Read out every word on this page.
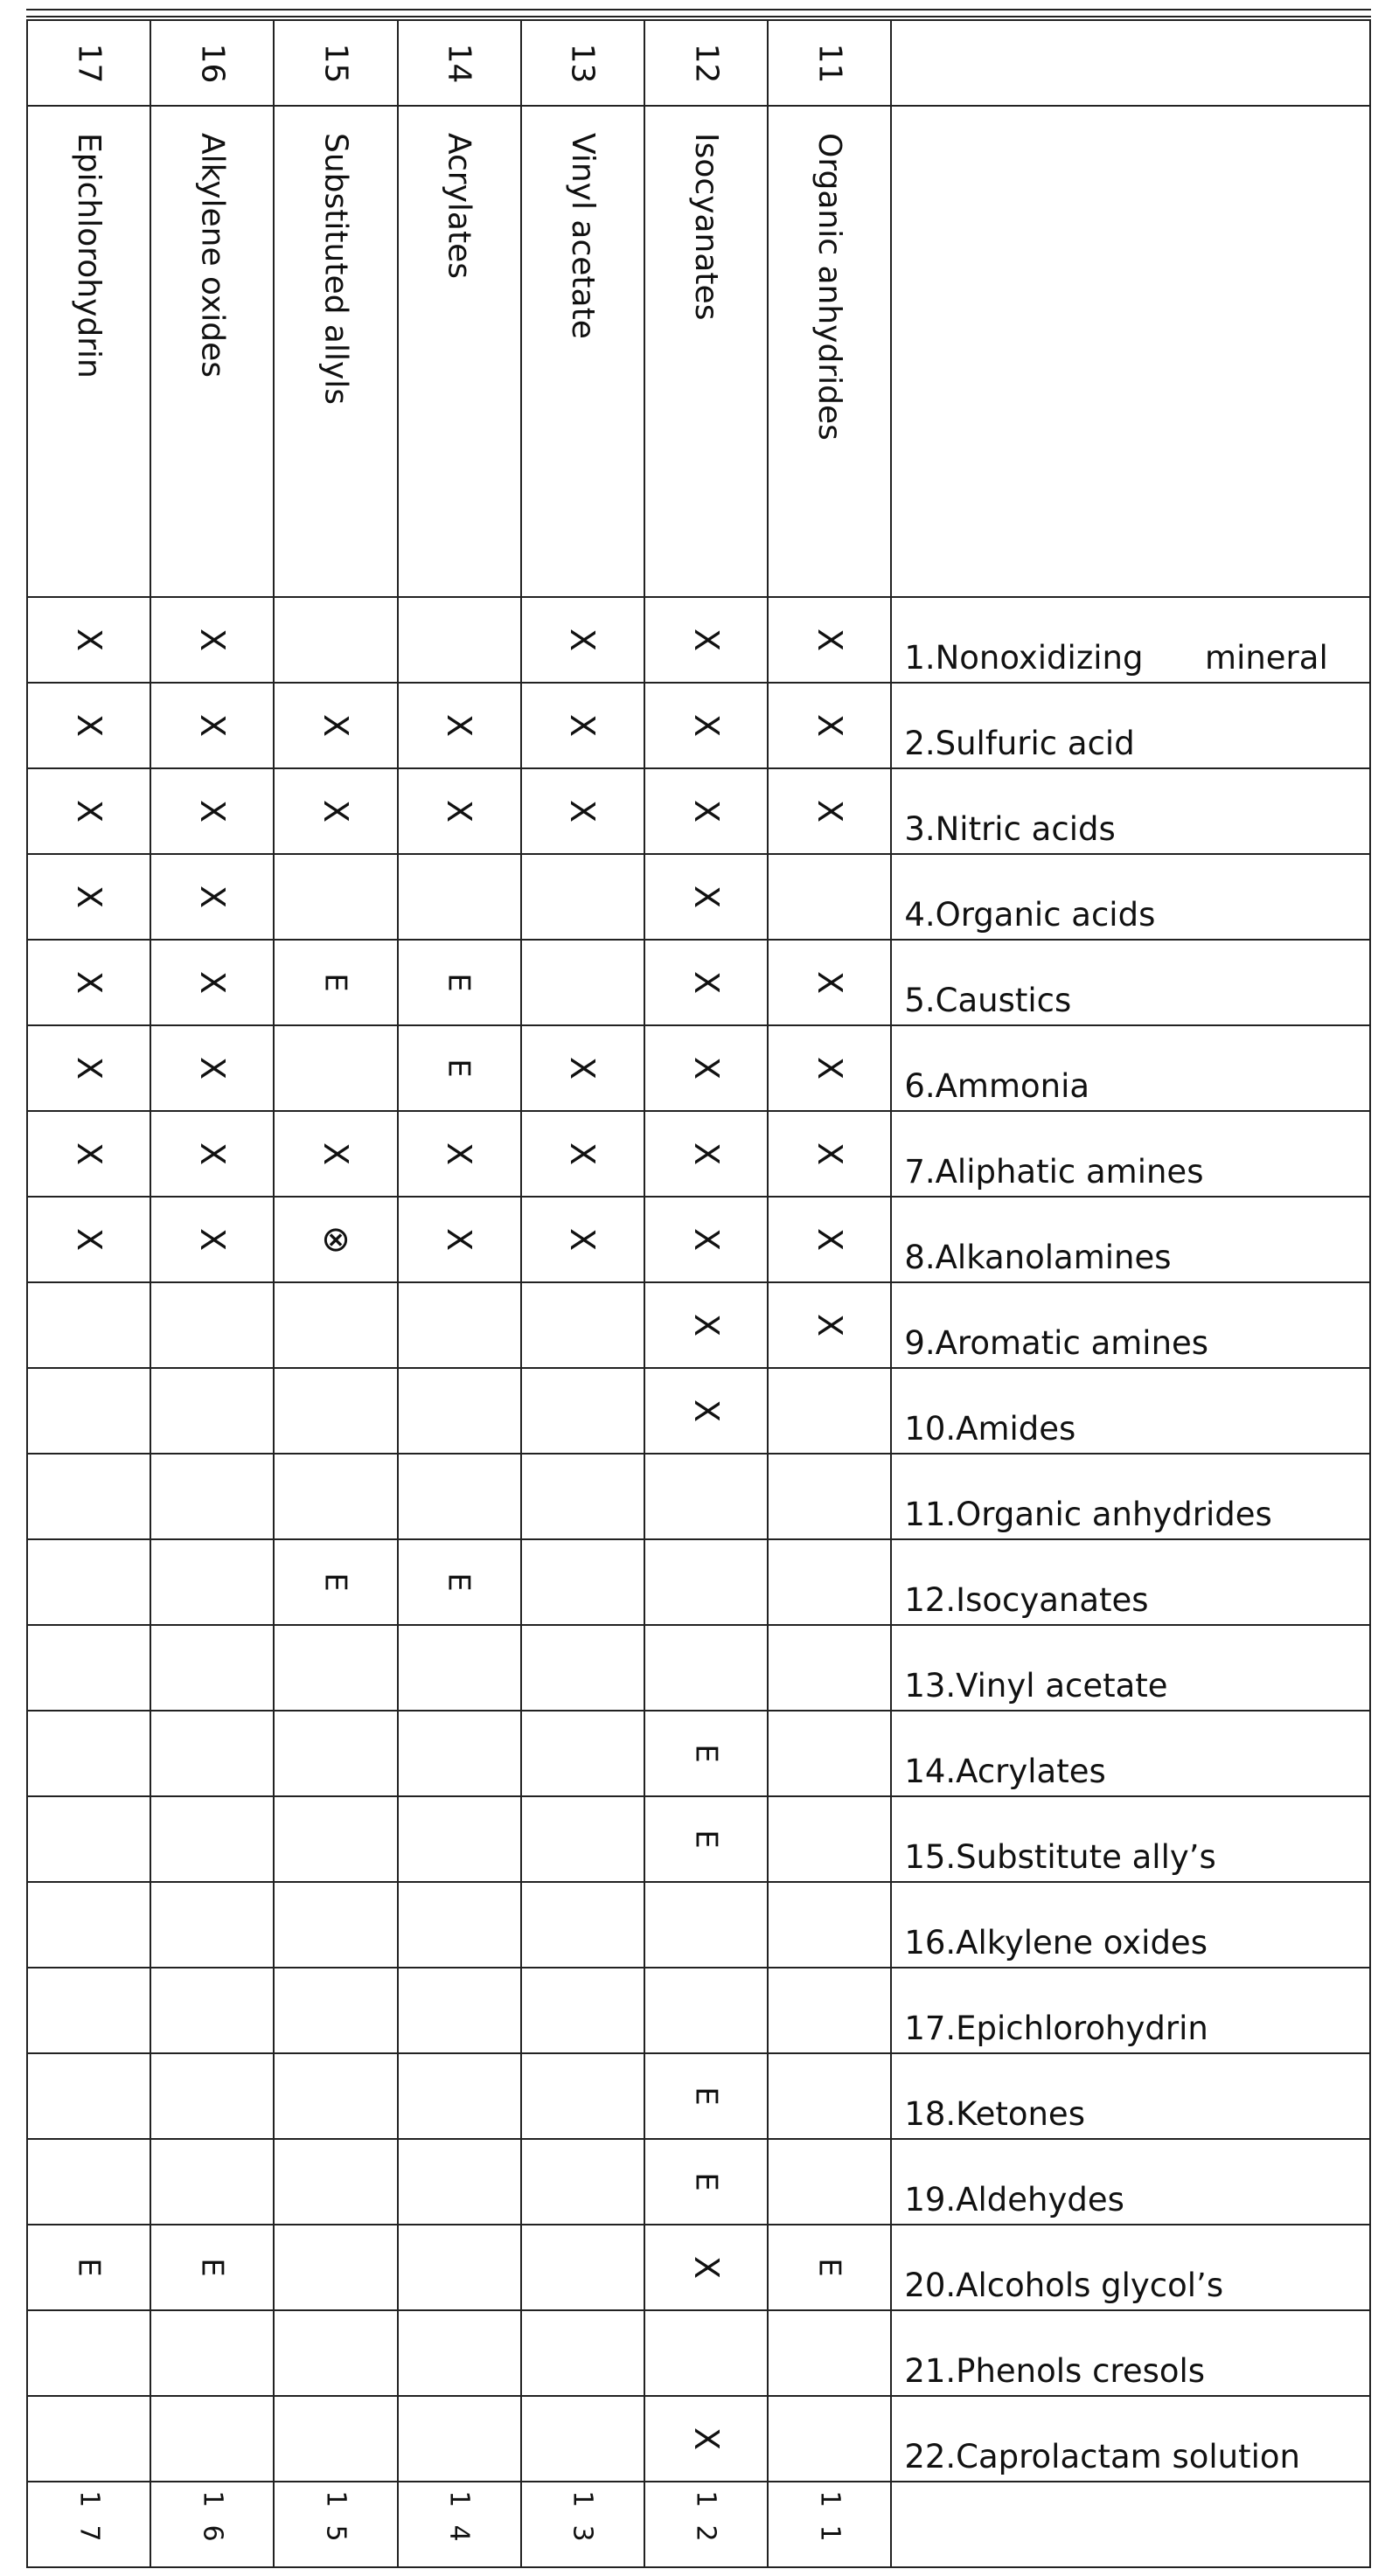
17	16	15	14	13	12	11	
Epichlorohydrin	Alkylene oxides	Substituted allyls	Acrylates	Vinyl acetate	Isocyanates	Organic anhydrides	
X	X			X	X	X	1.Nonoxidizing      mineral
X	X	X	X	X	X	X	2.Sulfuric acid
X	X	X	X	X	X	X	3.Nitric acids
X	X				X		4.Organic acids
X	X	E	E		X	X	5.Caustics
X	X		E	X	X	X	6.Ammonia
X	X	X	X	X	X	X	7.Aliphatic amines
X	X	⊗	X	X	X	X	8.Alkanolamines
					X	X	9.Aromatic amines
					X		10.Amides
							11.Organic anhydrides
		E	E				12.Isocyanates
							13.Vinyl acetate
					E		14.Acrylates
					E		15.Substitute ally’s
							16.Alkylene oxides
							17.Epichlorohydrin
					E		18.Ketones
					E		19.Aldehydes
E	E				X	E	20.Alcohols glycol’s
							21.Phenols cresols
					X		22.Caprolactam solution
17	16	15	14	13	12	11	
